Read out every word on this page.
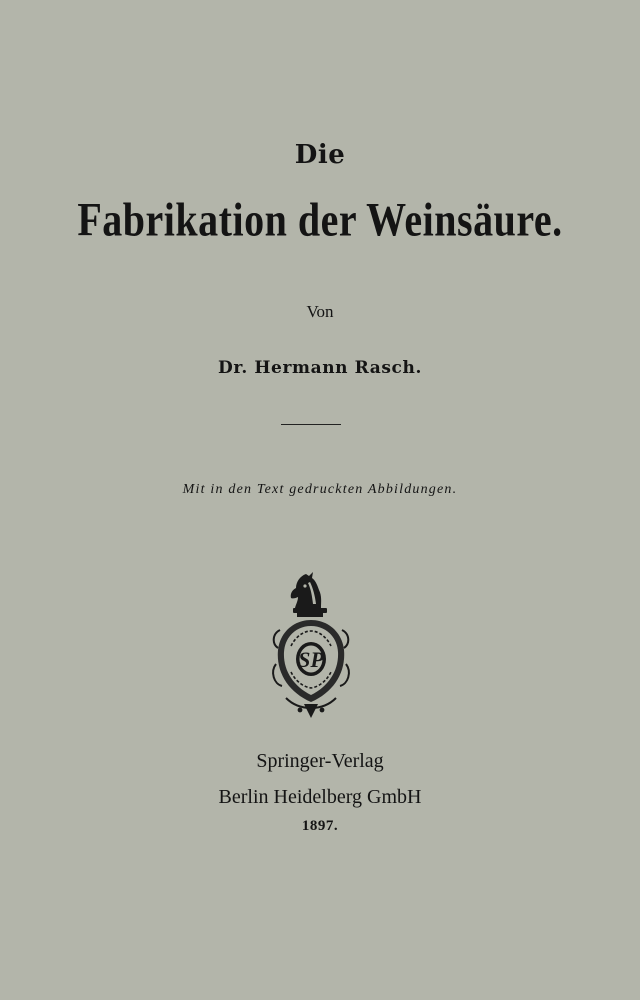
Die
Fabrikation der Weinsäure.
Von
Dr. Hermann Rasch.
Mit in den Text gedruckten Abbildungen.
SP
Springer-Verlag
Berlin Heidelberg GmbH
1897.
